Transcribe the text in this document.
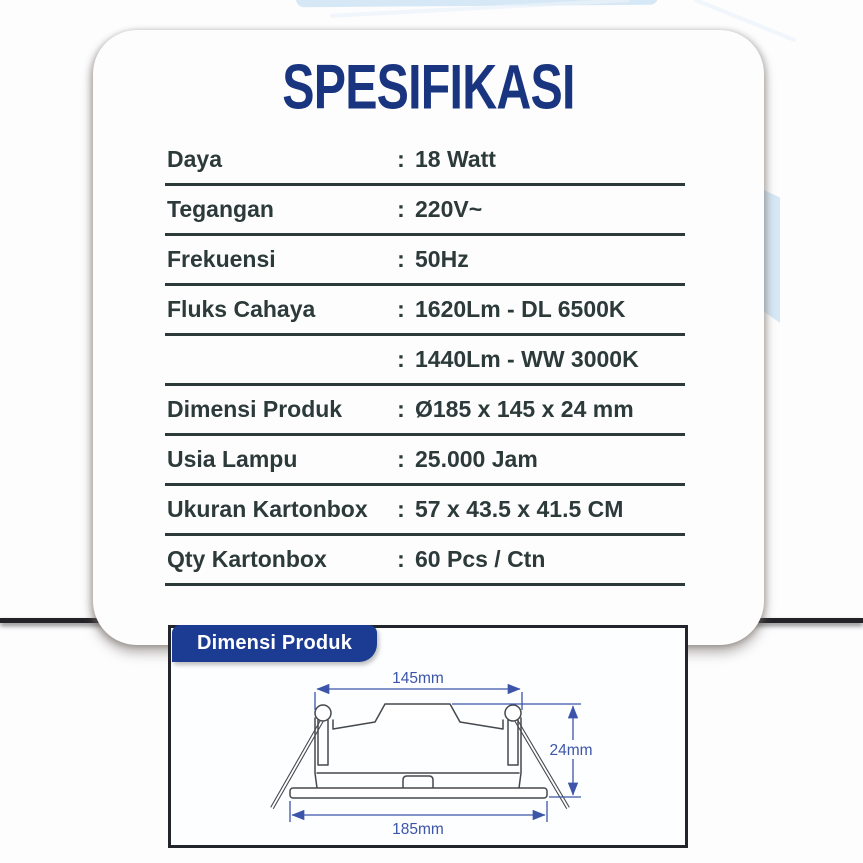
SPESIFIKASI
Daya	: 18 Watt
Tegangan	: 220V~
Frekuensi	: 50Hz
Fluks Cahaya	: 1620Lm - DL 6500K
: 1440Lm - WW 3000K
Dimensi Produk	: Ø185 x 145 x 24 mm
Usia Lampu	: 25.000 Jam
Ukuran Kartonbox	: 57 x 43.5 x 41.5 CM
Qty Kartonbox	: 60 Pcs / Ctn
145mm
185mm
24mm
Dimensi Produk
